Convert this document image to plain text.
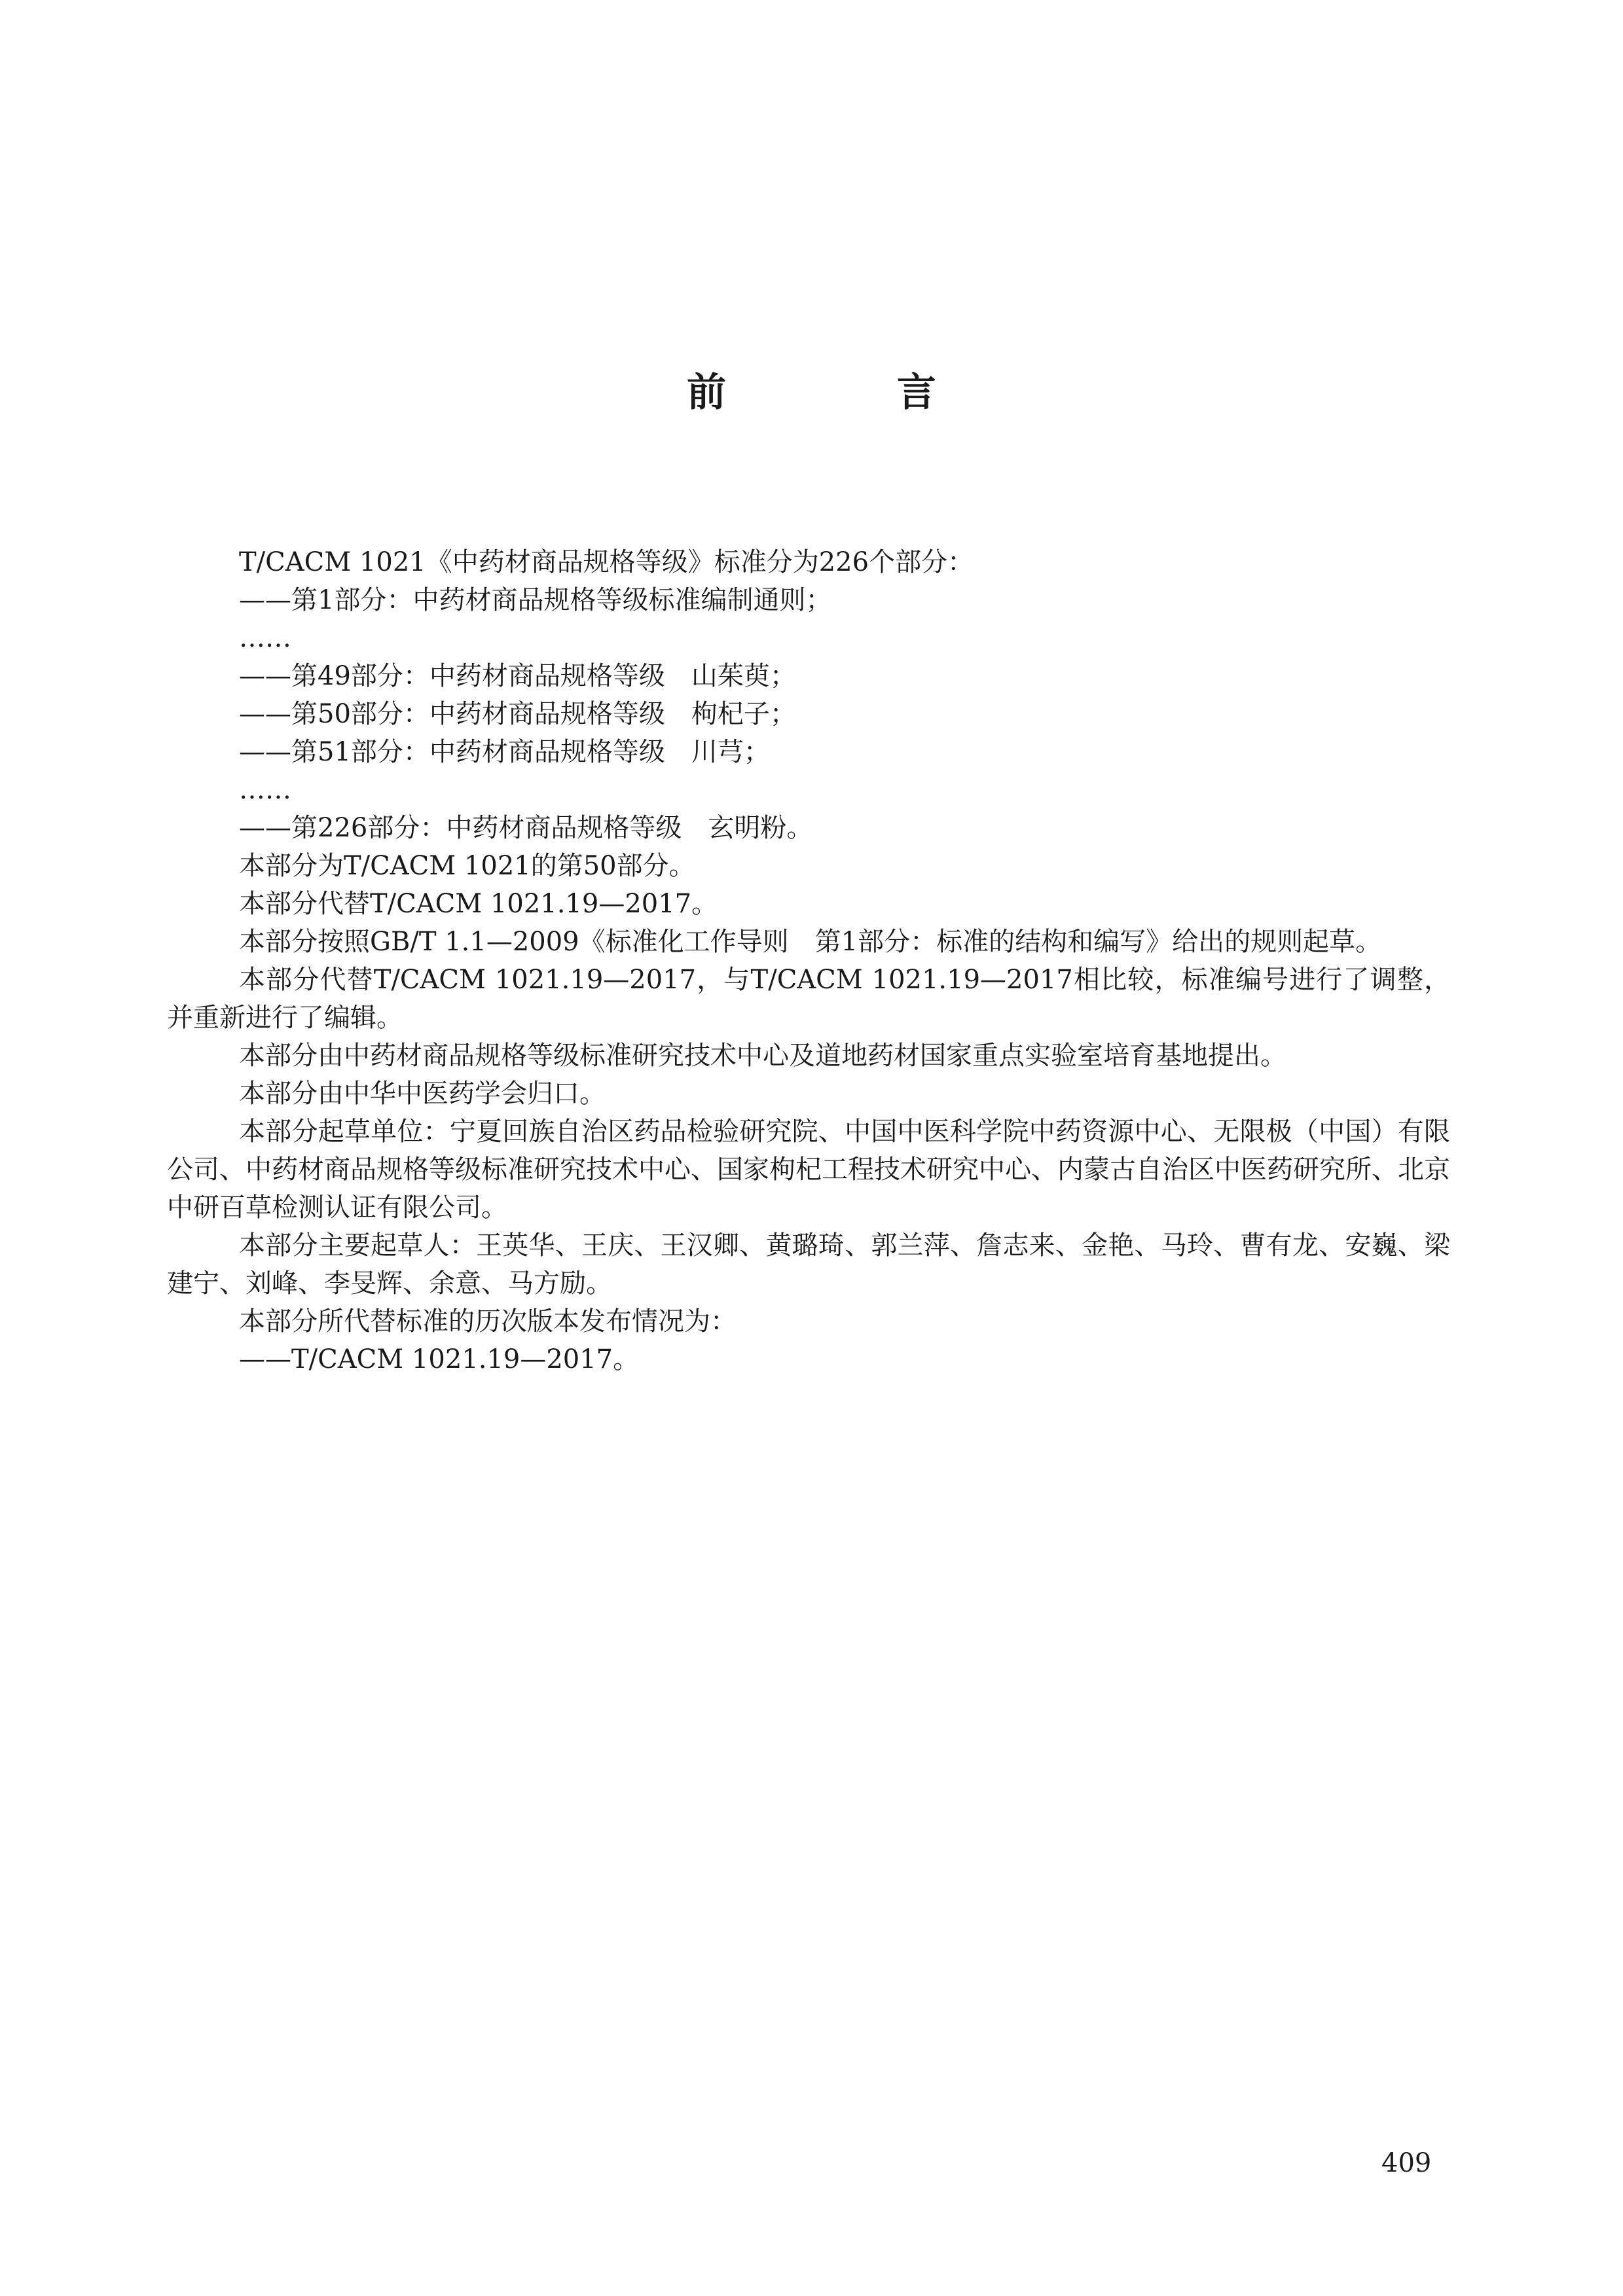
前 言

T/CACM 1021《中药材商品规格等级》标准分为226个部分：

——第1部分：中药材商品规格等级标准编制通则；

……

——第49部分：中药材商品规格等级　山茱萸；

——第50部分：中药材商品规格等级　枸杞子；

——第51部分：中药材商品规格等级　川芎；

……

——第226部分：中药材商品规格等级　玄明粉。

本部分为T/CACM 1021的第50部分。

本部分代替T/CACM 1021.19—2017。

本部分按照GB/T 1.1—2009《标准化工作导则　第1部分：标准的结构和编写》给出的规则起草。

本部分代替T/CACM 1021.19—2017，与T/CACM 1021.19—2017相比较，标准编号进行了调整，并重新进行了编辑。

本部分由中药材商品规格等级标准研究技术中心及道地药材国家重点实验室培育基地提出。

本部分由中华中医药学会归口。

本部分起草单位：宁夏回族自治区药品检验研究院、中国中医科学院中药资源中心、无限极（中国）有限公司、中药材商品规格等级标准研究技术中心、国家枸杞工程技术研究中心、内蒙古自治区中医药研究所、北京中研百草检测认证有限公司。

本部分主要起草人：王英华、王庆、王汉卿、黄璐琦、郭兰萍、詹志来、金艳、马玲、曹有龙、安巍、梁建宁、刘峰、李旻辉、余意、马方励。

本部分所代替标准的历次版本发布情况为：

——T/CACM 1021.19—2017。

409
